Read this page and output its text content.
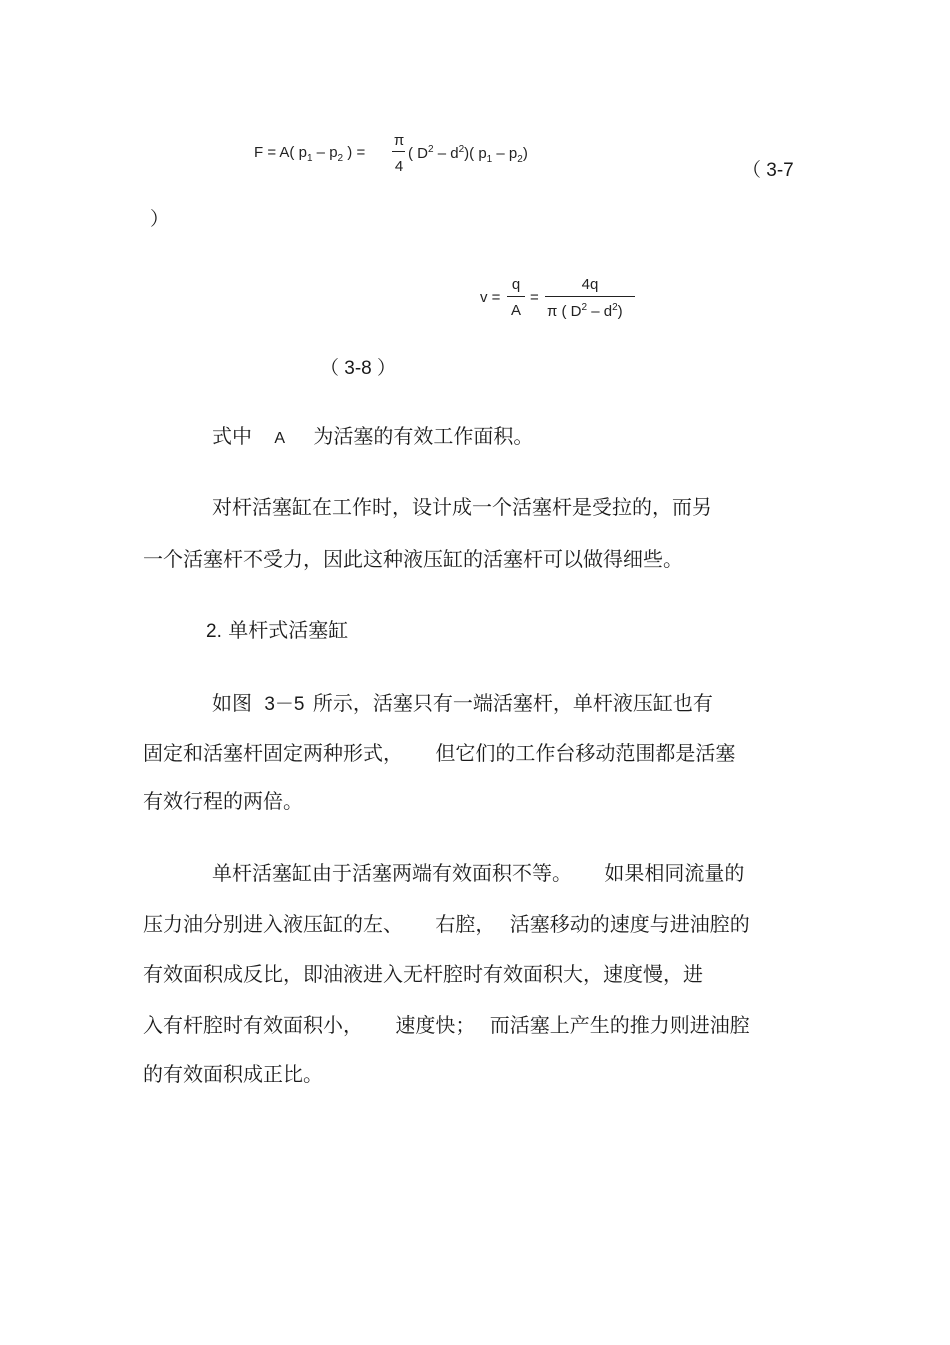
F = A( $p_1 - p_2$ ) =
π
4
( $D^2 - d^2$)( $p_1 - p_2$)
（ 3-7
）
v =
q
A
=
4q
π ( $D^2 - d^2$)
（ 3-8 ）
式中 A 为活塞的有效工作面积。
对杆活塞缸在工作时，设计成一个活塞杆是受拉的，而另
一个活塞杆不受力，因此这种液压缸的活塞杆可以做得细些。
2. 单杆式活塞缸
如图 3－5 所示，活塞只有一端活塞杆，单杆液压缸也有
固定和活塞杆固定两种形式， 但它们的工作台移动范围都是活塞
有效行程的两倍。
单杆活塞缸由于活塞两端有效面积不等。 如果相同流量的
压力油分别进入液压缸的左、 右腔， 活塞移动的速度与进油腔的
有效面积成反比，即油液进入无杆腔时有效面积大，速度慢，进
入有杆腔时有效面积小， 速度快； 而活塞上产生的推力则进油腔
的有效面积成正比。
